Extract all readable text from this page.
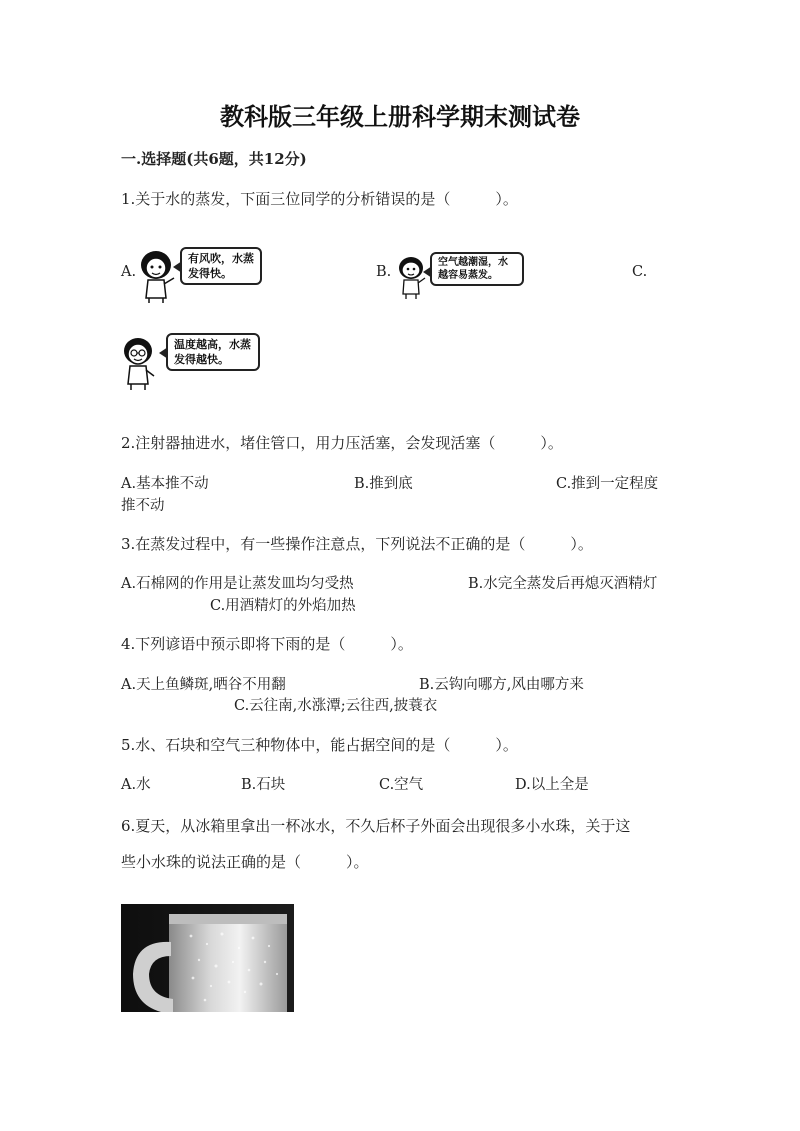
教科版三年级上册科学期末测试卷
一.选择题(共6题，共12分)
1.关于水的蒸发，下面三位同学的分析错误的是（　　　）。
A.
有风吹，水蒸发得快。	B.
空气越潮湿，水越容易蒸发。	C.
温度越高，水蒸发得越快。
2.注射器抽进水，堵住管口，用力压活塞，会发现活塞（　　　）。
A.基本推不动	B.推到底	C.推到一定程度
推不动
3.在蒸发过程中，有一些操作注意点，下列说法不正确的是（　　　）。
A.石棉网的作用是让蒸发皿均匀受热	B.水完全蒸发后再熄灭酒精灯
C.用酒精灯的外焰加热
4.下列谚语中预示即将下雨的是（　　　）。
A.天上鱼鳞斑,晒谷不用翻	B.云钩向哪方,风由哪方来
C.云往南,水涨潭;云往西,披蓑衣
5.水、石块和空气三种物体中，能占据空间的是（　　　）。
A.水	B.石块	C.空气	D.以上全是
6.夏天，从冰箱里拿出一杯冰水，不久后杯子外面会出现很多小水珠，关于这
些小水珠的说法正确的是（　　　）。
